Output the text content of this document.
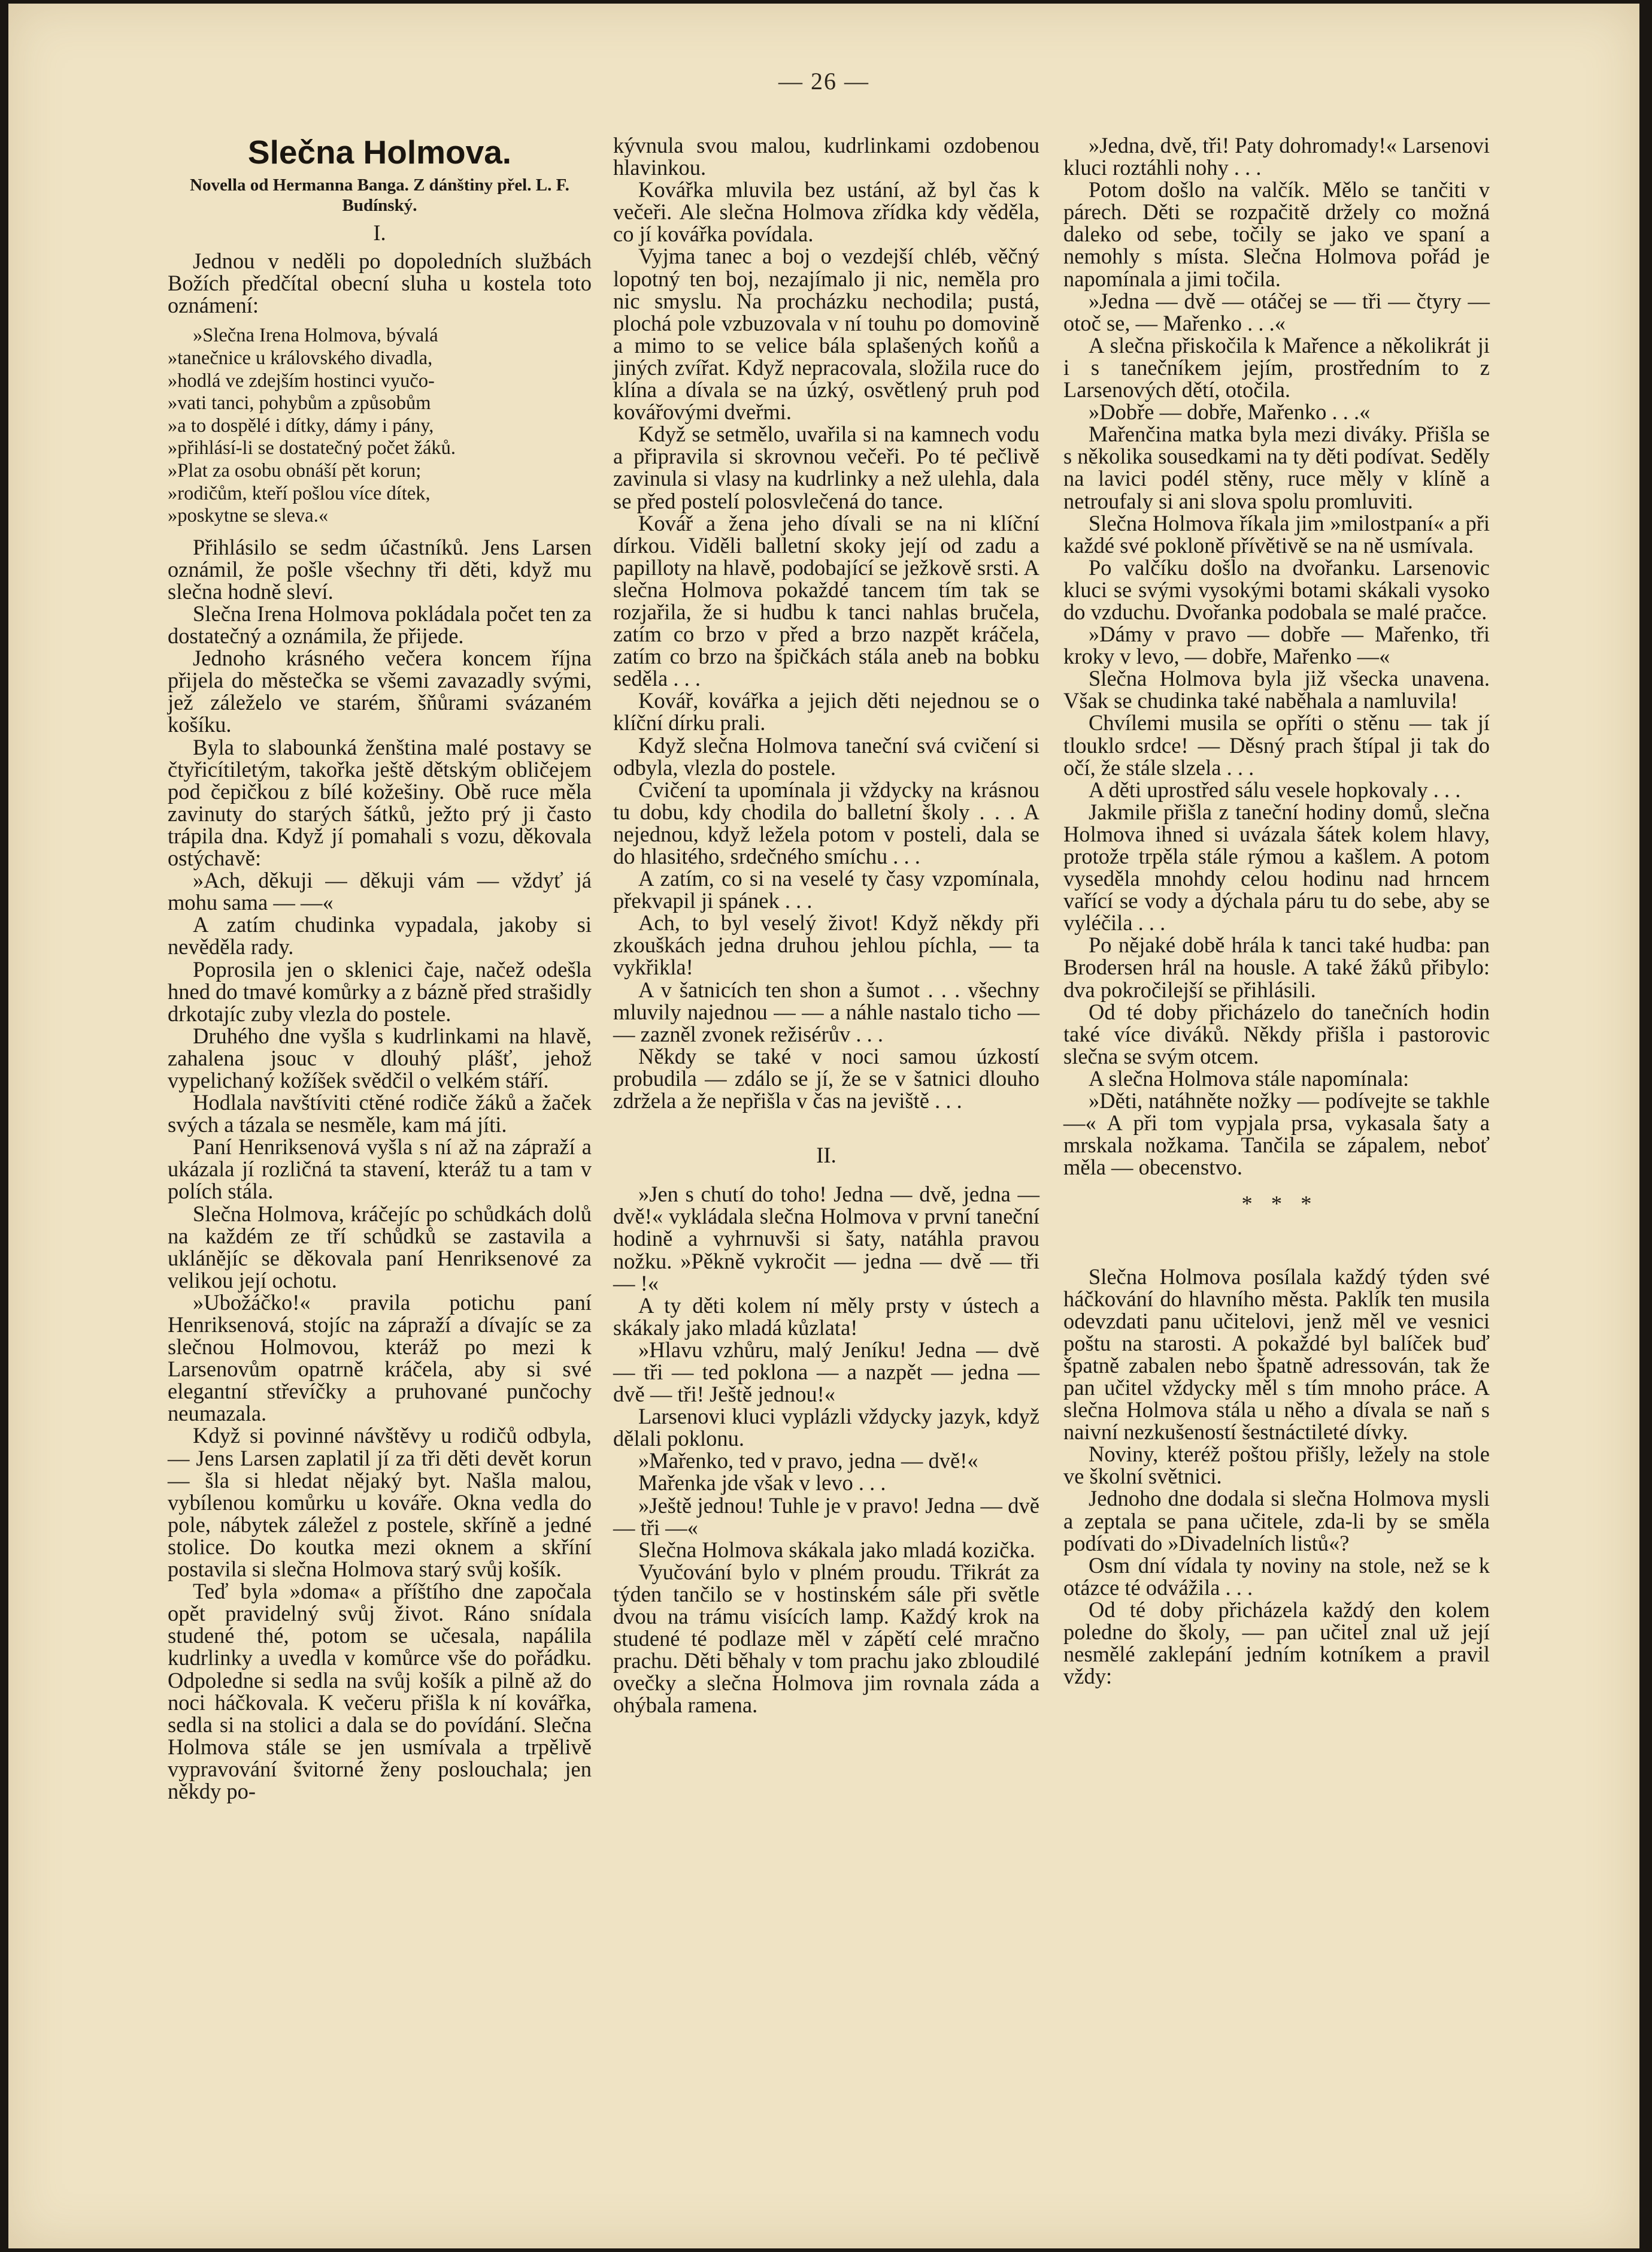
— 26 —
Slečna Holmova.
Novella od Hermanna Banga. Z dánštiny přel. L. F. Budínský.
I.

Jednou v neděli po dopoledních službách Božích předčítal obecní sluha u kostela toto oznámení:

»Slečna Irena Holmova, bývalá
»tanečnice u královského divadla,
»hodlá ve zdejším hostinci vyučo-
»vati tanci, pohybům a způsobům
»a to dospělé i dítky, dámy i pány,
»přihlásí-li se dostatečný počet žáků.
»Plat za osobu obnáší pět korun;
»rodičům, kteří pošlou více dítek,
»poskytne se sleva.«

Přihlásilo se sedm účastníků. Jens Larsen oznámil, že pošle všechny tři děti, když mu slečna hodně sleví.

Slečna Irena Holmova pokládala počet ten za dostatečný a oznámila, že přijede.

Jednoho krásného večera koncem října přijela do městečka se všemi zavazadly svými, jež záleželo ve starém, šňůrami svázaném košíku.

Byla to slabounká ženština malé postavy se čtyřicítiletým, takořka ještě dětským obličejem pod čepičkou z bílé kožešiny. Obě ruce měla zavinuty do starých šátků, ježto prý ji často trápila dna. Když jí pomahali s vozu, děkovala ostýchavě:

»Ach, děkuji — děkuji vám — vždyť já mohu sama — —«

A zatím chudinka vypadala, jakoby si nevěděla rady.

Poprosila jen o sklenici čaje, načež odešla hned do tmavé komůrky a z bázně před strašidly drkotajíc zuby vlezla do postele.

Druhého dne vyšla s kudrlinkami na hlavě, zahalena jsouc v dlouhý plášť, jehož vypelichaný kožíšek svědčil o velkém stáří.

Hodlala navštíviti ctěné rodiče žáků a žaček svých a tázala se nesměle, kam má jíti.

Paní Henriksenová vyšla s ní až na zápraží a ukázala jí rozličná ta stavení, kteráž tu a tam v polích stála.

Slečna Holmova, kráčejíc po schůdkách dolů na každém ze tří schůdků se zastavila a uklánějíc se děkovala paní Henriksenové za velikou její ochotu.

»Ubožáčko!« pravila potichu paní Henriksenová, stojíc na zápraží a dívajíc se za slečnou Holmovou, kteráž po mezi k Larsenovům opatrně kráčela, aby si své elegantní střevíčky a pruhované punčochy neumazala.

Když si povinné návštěvy u rodičů odbyla, — Jens Larsen zaplatil jí za tři děti devět korun — šla si hledat nějaký byt. Našla malou, vybílenou komůrku u kováře. Okna vedla do pole, nábytek záležel z postele, skříně a jedné stolice. Do koutka mezi oknem a skříní postavila si slečna Holmova starý svůj košík.

Teď byla »doma« a příštího dne započala opět pravidelný svůj život. Ráno snídala studené thé, potom se učesala, napálila kudrlinky a uvedla v komůrce vše do pořádku. Odpoledne si sedla na svůj košík a pilně až do noci háčkovala. K večeru přišla k ní kovářka, sedla si na stolici a dala se do povídání. Slečna Holmova stále se jen usmívala a trpělivě vypravování švitorné ženy poslouchala; jen někdy po-

kývnula svou malou, kudrlinkami ozdobenou hlavinkou.

Kovářka mluvila bez ustání, až byl čas k večeři. Ale slečna Holmova zřídka kdy věděla, co jí kovářka povídala.

Vyjma tanec a boj o vezdejší chléb, věčný lopotný ten boj, nezajímalo ji nic, neměla pro nic smyslu. Na procházku nechodila; pustá, plochá pole vzbuzovala v ní touhu po domovině a mimo to se velice bála splašených koňů a jiných zvířat. Když nepracovala, složila ruce do klína a dívala se na úzký, osvětlený pruh pod kovářovými dveřmi.

Když se setmělo, uvařila si na kamnech vodu a připravila si skrovnou večeři. Po té pečlivě zavinula si vlasy na kudrlinky a než ulehla, dala se před postelí polosvlečená do tance.

Kovář a žena jeho dívali se na ni klíční dírkou. Viděli balletní skoky její od zadu a papilloty na hlavě, podobající se ježkově srsti. A slečna Holmova pokaždé tancem tím tak se rozjařila, že si hudbu k tanci nahlas bručela, zatím co brzo v před a brzo nazpět kráčela, zatím co brzo na špičkách stála aneb na bobku seděla . . .

Kovář, kovářka a jejich děti nejednou se o klíční dírku prali.

Když slečna Holmova taneční svá cvičení si odbyla, vlezla do postele.

Cvičení ta upomínala ji vždycky na krásnou tu dobu, kdy chodila do balletní školy . . . A nejednou, když ležela potom v posteli, dala se do hlasitého, srdečného smíchu . . .

A zatím, co si na veselé ty časy vzpomínala, překvapil ji spánek . . .

Ach, to byl veselý život! Když někdy při zkouškách jedna druhou jehlou píchla, — ta vykřikla!

A v šatnicích ten shon a šumot . . . všechny mluvily najednou — — a náhle nastalo ticho — — zazněl zvonek režisérův . . .

Někdy se také v noci samou úzkostí probudila — zdálo se jí, že se v šatnici dlouho zdržela a že nepřišla v čas na jeviště . . .

II.

»Jen s chutí do toho! Jedna — dvě, jedna — dvě!« vykládala slečna Holmova v první taneční hodině a vyhrnuvši si šaty, natáhla pravou nožku. »Pěkně vykročit — jedna — dvě — tři — !«

A ty děti kolem ní měly prsty v ústech a skákaly jako mladá kůzlata!

»Hlavu vzhůru, malý Jeníku! Jedna — dvě — tři — ted poklona — a nazpět — jedna — dvě — tři! Ještě jednou!«

Larsenovi kluci vyplázli vždycky jazyk, když dělali poklonu.

»Mařenko, ted v pravo, jedna — dvě!«

Mařenka jde však v levo . . .

»Ještě jednou! Tuhle je v pravo! Jedna — dvě — tři —«

Slečna Holmova skákala jako mladá kozička.

Vyučování bylo v plném proudu. Třikrát za týden tančilo se v hostinském sále při světle dvou na trámu visících lamp. Každý krok na studené té podlaze měl v zápětí celé mračno prachu. Děti běhaly v tom prachu jako zbloudilé ovečky a slečna Holmova jim rovnala záda a ohýbala ramena.

»Jedna, dvě, tři! Paty dohromady!« Larsenovi kluci roztáhli nohy . . .

Potom došlo na valčík. Mělo se tančiti v párech. Děti se rozpačitě držely co možná daleko od sebe, točily se jako ve spaní a nemohly s místa. Slečna Holmova pořád je napomínala a jimi točila.

»Jedna — dvě — otáčej se — tři — čtyry — otoč se, — Mařenko . . .«

A slečna přiskočila k Mařence a několikrát ji i s tanečníkem jejím, prostředním to z Larsenových dětí, otočila.

»Dobře — dobře, Mařenko . . .«

Mařenčina matka byla mezi diváky. Přišla se s několika sousedkami na ty děti podívat. Seděly na lavici podél stěny, ruce měly v klíně a netroufaly si ani slova spolu promluviti.

Slečna Holmova říkala jim »milostpaní« a při každé své pokloně přívětivě se na ně usmívala.

Po valčíku došlo na dvořanku. Larsenovic kluci se svými vysokými botami skákali vysoko do vzduchu. Dvořanka podobala se malé pračce.

»Dámy v pravo — dobře — Mařenko, tři kroky v levo, — dobře, Mařenko —«

Slečna Holmova byla již všecka unavena. Však se chudinka také naběhala a namluvila!

Chvílemi musila se opříti o stěnu — tak jí tlouklo srdce! — Děsný prach štípal ji tak do očí, že stále slzela . . .

A děti uprostřed sálu vesele hopkovaly . . .

Jakmile přišla z taneční hodiny domů, slečna Holmova ihned si uvázala šátek kolem hlavy, protože trpěla stále rýmou a kašlem. A potom vyseděla mnohdy celou hodinu nad hrncem vařící se vody a dýchala páru tu do sebe, aby se vyléčila . . .

Po nějaké době hrála k tanci také hudba: pan Brodersen hrál na housle. A také žáků přibylo: dva pokročilejší se přihlásili.

Od té doby přicházelo do tanečních hodin také více diváků. Někdy přišla i pastorovic slečna se svým otcem.

A slečna Holmova stále napomínala:

»Děti, natáhněte nožky — podívejte se takhle —« A při tom vypjala prsa, vykasala šaty a mrskala nožkama. Tančila se zápalem, neboť měla — obecenstvo.

* * *

Slečna Holmova posílala každý týden své háčkování do hlavního města. Paklík ten musila odevzdati panu učitelovi, jenž měl ve vesnici poštu na starosti. A pokaždé byl balíček buď špatně zabalen nebo špatně adressován, tak že pan učitel vždycky měl s tím mnoho práce. A slečna Holmova stála u něho a dívala se naň s naivní nezkušeností šestnáctileté dívky.

Noviny, kteréž poštou přišly, ležely na stole ve školní světnici.

Jednoho dne dodala si slečna Holmova mysli a zeptala se pana učitele, zda-li by se směla podívati do »Divadelních listů«?

Osm dní vídala ty noviny na stole, než se k otázce té odvážila . . .

Od té doby přicházela každý den kolem poledne do školy, — pan učitel znal už její nesmělé zaklepání jedním kotníkem a pravil vždy:
